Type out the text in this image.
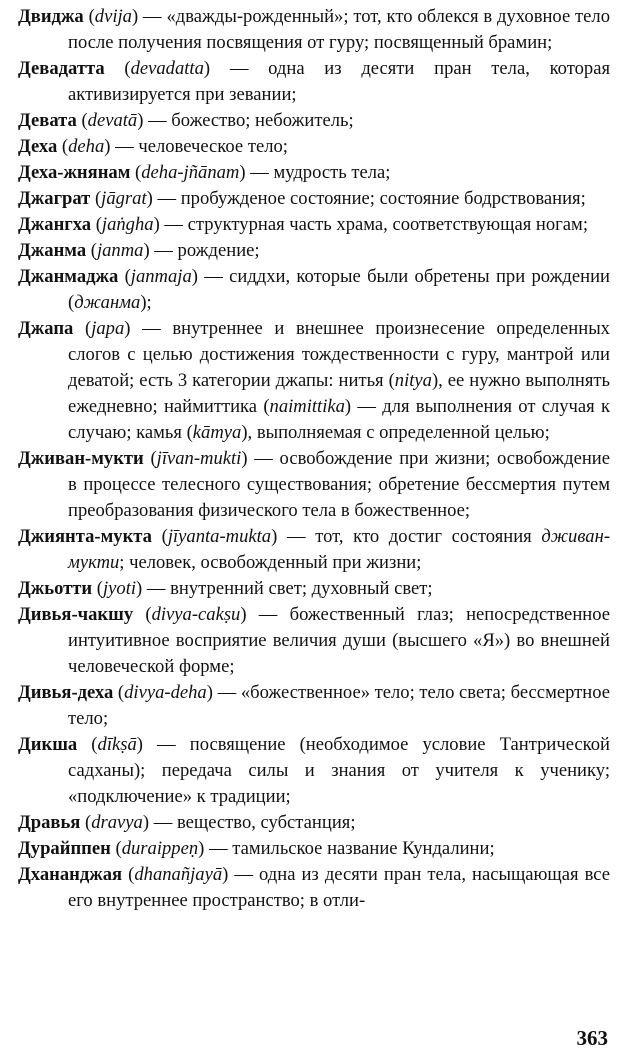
Двиджа (dvija) — «дважды-рожденный»; тот, кто облекся в духовное тело после получения посвящения от гуру; посвященный брамин;

Девадатта (devadatta) — одна из десяти пран тела, которая активизируется при зевании;

Девата (devatā) — божество; небожитель;

Деха (deha) — человеческое тело;

Деха-жнянам (deha-jñānam) — мудрость тела;

Джаграт (jāgrat) — пробужденое состояние; состояние бодрствования;

Джангха (jaṅgha) — структурная часть храма, соответствующая ногам;

Джанма (janma) — рождение;

Джанмаджа (janmaja) — сиддхи, которые были обретены при рождении (джанма);

Джапа (japa) — внутреннее и внешнее произнесение определенных слогов с целью достижения тождественности с гуру, мантрой или деватой; есть 3 категории джапы: нитья (nitya), ее нужно выполнять ежедневно; наймиттика (naimittika) — для выполнения от случая к случаю; камья (kāmya), выполняемая с определенной целью;

Дживан-мукти (jīvan-mukti) — освобождение при жизни; освобождение в процессе телесного существования; обретение бессмертия путем преобразования физического тела в божественное;

Джиянта-мукта (jīyanta-mukta) — тот, кто достиг состояния дживан-мукти; человек, освобожденный при жизни;

Джьотти (jyoti) — внутренний свет; духовный свет;

Дивья-чакшу (divya-cakṣu) — божественный глаз; непосредственное интуитивное восприятие величия души (высшего «Я») во внешней человеческой форме;

Дивья-деха (divya-deha) — «божественное» тело; тело света; бессмертное тело;

Дикша (dīkṣā) — посвящение (необходимое условие Тантрической садханы); передача силы и знания от учителя к ученику; «подключение» к традиции;

Дравья (dravya) — вещество, субстанция;

Дурайппен (duraippeṇ) — тамильское название Кундалини;

Дхананджая (dhanañjayā) — одна из десяти пран тела, насыщающая все его внутреннее пространство; в отли-

363
